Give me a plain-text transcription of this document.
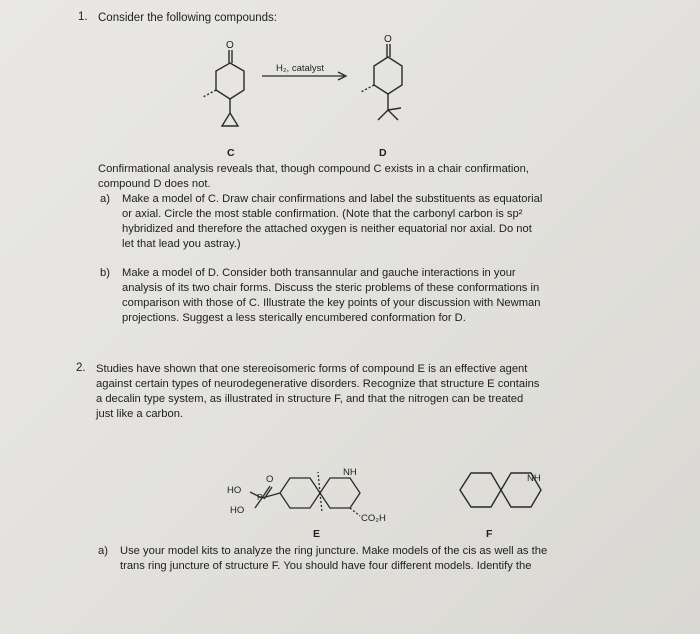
1. Consider the following compounds:
O
O
H₂, catalyst
C	D
Confirmational analysis reveals that, though compound C exists in a chair confirmation,
compound D does not.
a) Make a model of C. Draw chair confirmations and label the substituents as equatorial
or axial. Circle the most stable confirmation. (Note that the carbonyl carbon is sp²
hybridized and therefore the attached oxygen is neither equatorial nor axial. Do not
let that lead you astray.)
b) Make a model of D. Consider both transannular and gauche interactions in your
analysis of its two chair forms. Discuss the steric problems of these conformations in
comparison with those of C. Illustrate the key points of your discussion with Newman
projections. Suggest a less sterically encumbered conformation for D.
2. Studies have shown that one stereoisomeric forms of compound E is an effective agent
against certain types of neurodegenerative disorders. Recognize that structure E contains
a decalin type system, as illustrated in structure F, and that the nitrogen can be treated
just like a carbon.
HO
HO
O
P
NH
CO₂H
NH
E	F
a) Use your model kits to analyze the ring juncture. Make models of the cis as well as the
trans ring juncture of structure F. You should have four different models. Identify the
